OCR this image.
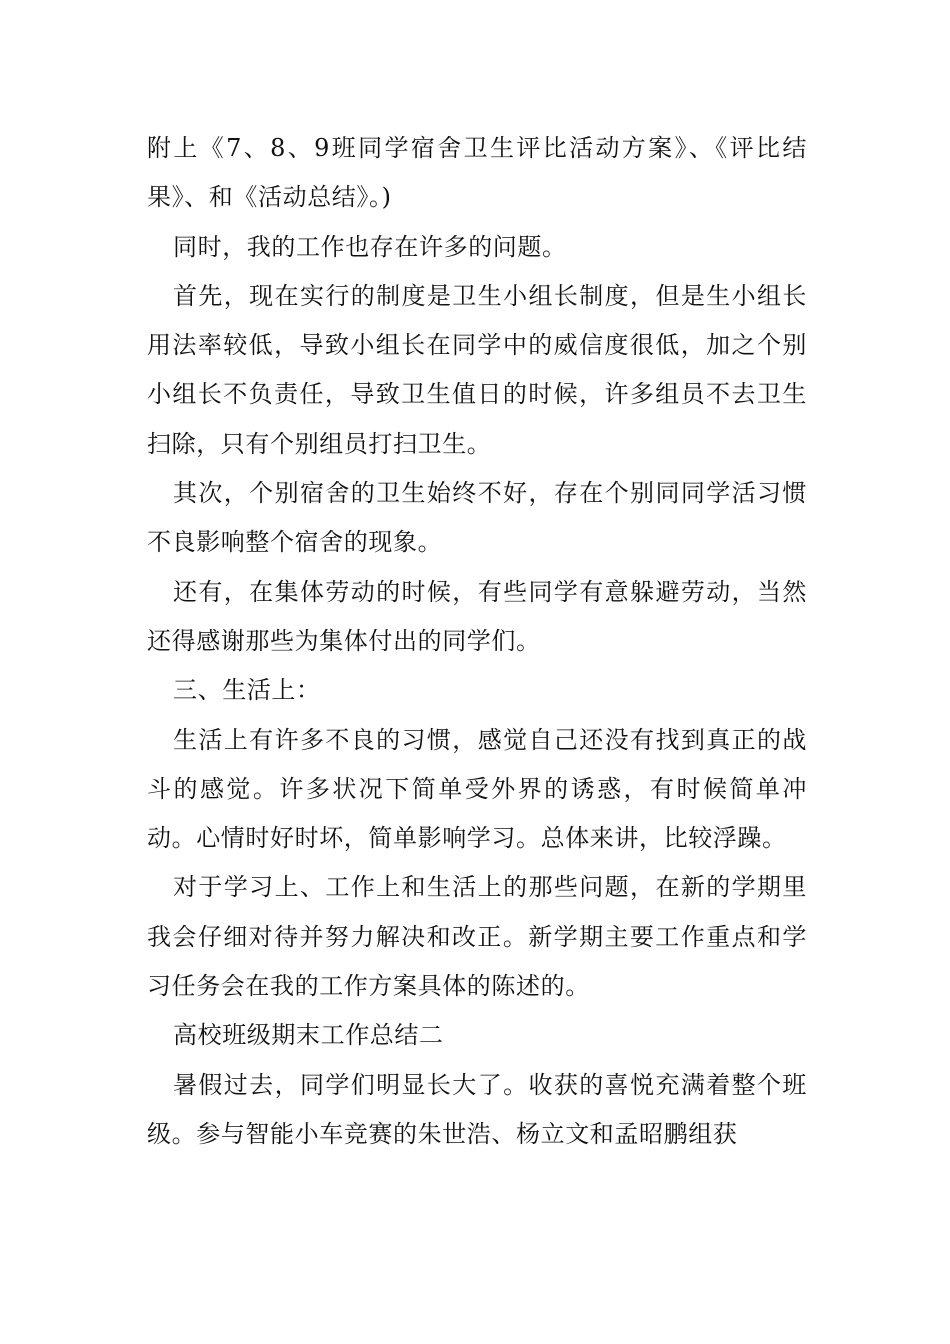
附上《7、8、9班同学宿舍卫生评比活动方案》、《评比结果》、和《活动总结》。)

同时，我的工作也存在许多的问题。

首先，现在实行的制度是卫生小组长制度，但是生小组长用法率较低，导致小组长在同学中的威信度很低，加之个别小组长不负责任，导致卫生值日的时候，许多组员不去卫生扫除，只有个别组员打扫卫生。

其次，个别宿舍的卫生始终不好，存在个别同同学活习惯不良影响整个宿舍的现象。

还有，在集体劳动的时候，有些同学有意躲避劳动，当然还得感谢那些为集体付出的同学们。

三、生活上：

生活上有许多不良的习惯，感觉自己还没有找到真正的战斗的感觉。许多状况下简单受外界的诱惑，有时候简单冲动。心情时好时坏，简单影响学习。总体来讲，比较浮躁。

对于学习上、工作上和生活上的那些问题，在新的学期里我会仔细对待并努力解决和改正。新学期主要工作重点和学习任务会在我的工作方案具体的陈述的。

高校班级期末工作总结二

暑假过去，同学们明显长大了。收获的喜悦充满着整个班级。参与智能小车竞赛的朱世浩、杨立文和孟昭鹏组获
